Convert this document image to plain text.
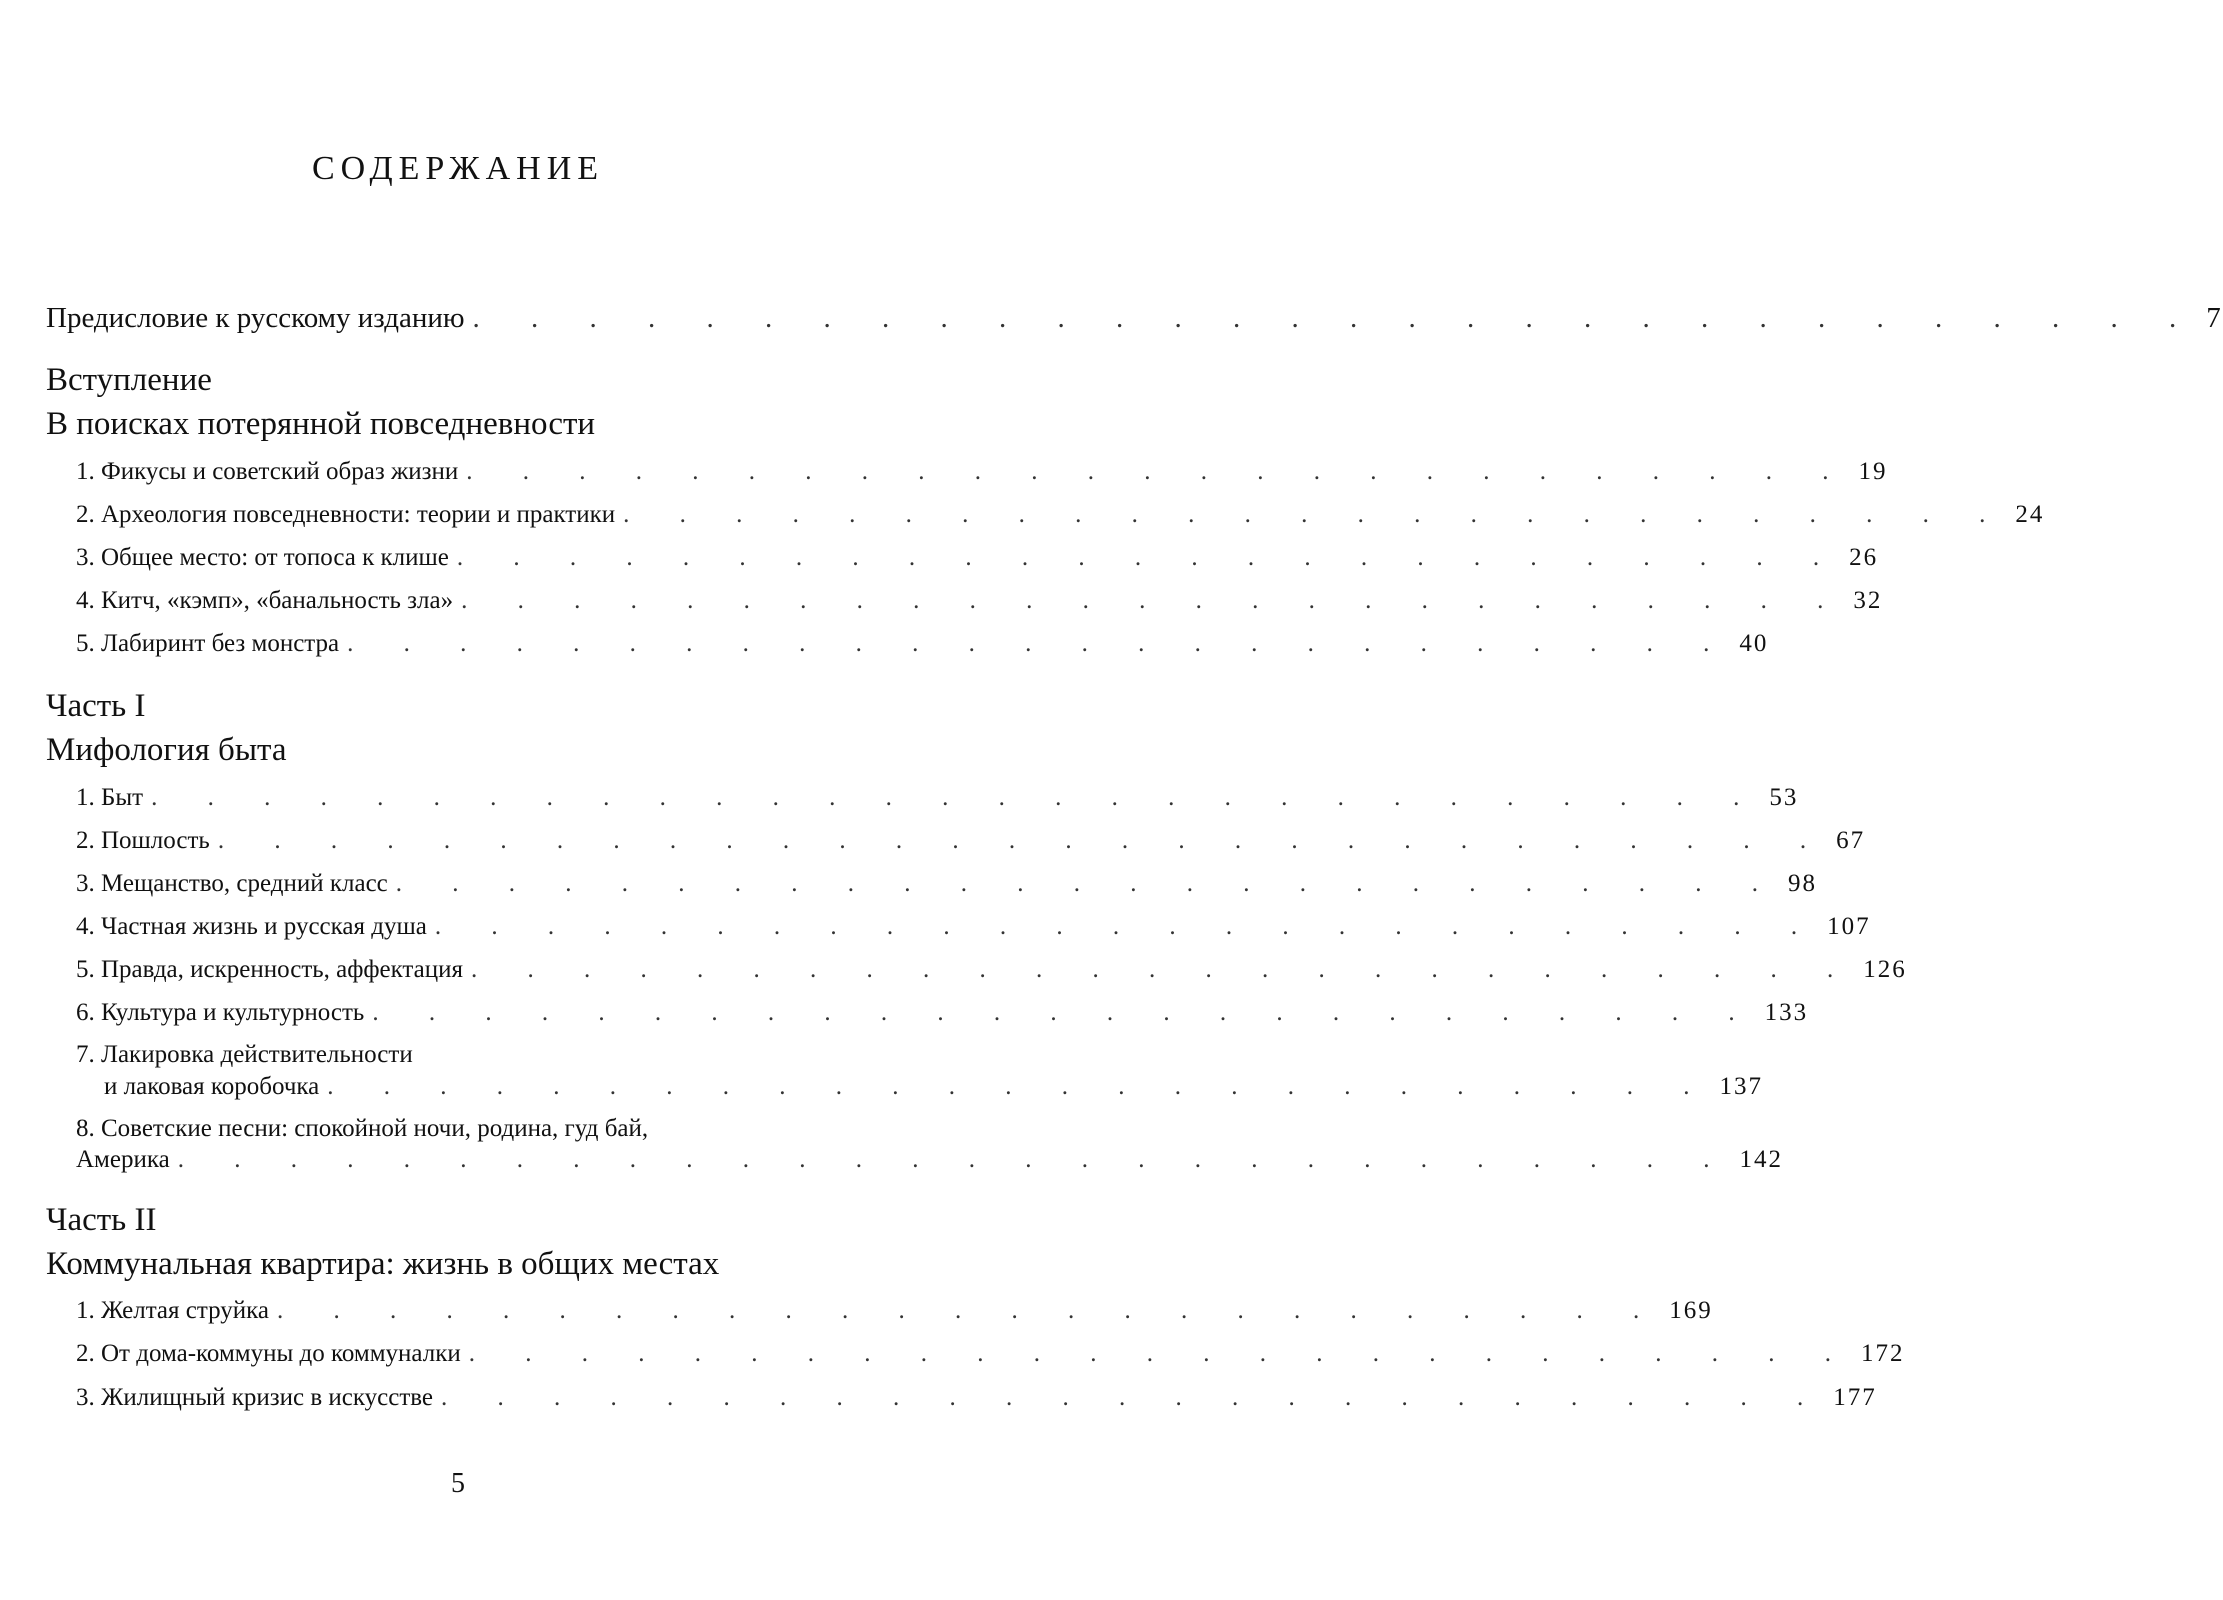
СОДЕРЖАНИЕ
Предисловие к русскому изданию . . . . . . . . . . . . . . . . . . . . . . . . . . . . . . 7
Вступление
В поисках потерянной повседневности
1. Фикусы и советский образ жизни . . . . . . . . . . . . . . . . . . . . . . . . . 19
2. Археология повседневности: теории и практики . . . . . . . . . . . . . . . . . . . . . . . . . 24
3. Общее место: от топоса к клише . . . . . . . . . . . . . . . . . . . . . . . . . 26
4. Китч, «кэмп», «банальность зла» . . . . . . . . . . . . . . . . . . . . . . . . . 32
5. Лабиринт без монстра . . . . . . . . . . . . . . . . . . . . . . . . . 40
Часть I
Мифология быта
1. Быт . . . . . . . . . . . . . . . . . . . . . . . . . . . . . 53
2. Пошлость . . . . . . . . . . . . . . . . . . . . . . . . . . . . . 67
3. Мещанство, средний класс . . . . . . . . . . . . . . . . . . . . . . . . . 98
4. Частная жизнь и русская душа . . . . . . . . . . . . . . . . . . . . . . . . . 107
5. Правда, искренность, аффектация . . . . . . . . . . . . . . . . . . . . . . . . . 126
6. Культура и культурность . . . . . . . . . . . . . . . . . . . . . . . . . 133
7. Лакировка действительности
и лаковая коробочка . . . . . . . . . . . . . . . . . . . . . . . . . 137
8. Советские песни: спокойной ночи, родина, гуд бай,
Америка . . . . . . . . . . . . . . . . . . . . . . . . . . . . 142
Часть II
Коммунальная квартира: жизнь в общих местах
1. Желтая струйка . . . . . . . . . . . . . . . . . . . . . . . . . 169
2. От дома-коммуны до коммуналки . . . . . . . . . . . . . . . . . . . . . . . . . 172
3. Жилищный кризис в искусстве . . . . . . . . . . . . . . . . . . . . . . . . . 177
5
